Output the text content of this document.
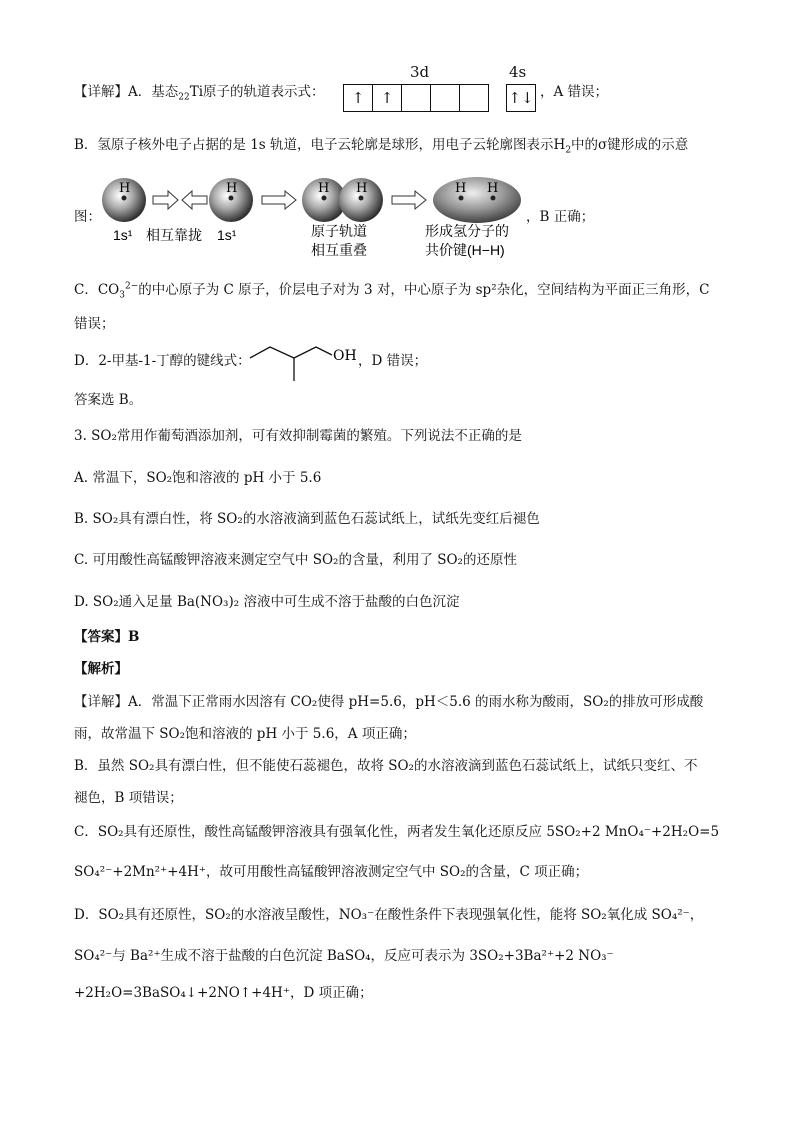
【详解】A．基态$_{22}$Ti原子的轨道表示式：
3d	4s
↑	↑				↑↓ ，A 错误；
B．氢原子核外电子占据的是 1s 轨道，电子云轮廓是球形，用电子云轮廓图表示$H_2$中的σ键形成的示意
H	H	H H	H H
1s¹ 相互靠拢 1s¹	原子轨道
相互重叠
形成氢分子的
共价键(H−H)
图：	，B 正确；
C．$CO_3^{2-}$的中心原子为 C 原子，价层电子对为 3 对，中心原子为 sp²杂化，空间结构为平面正三角形，C
错误；
D．2-甲基-1-丁醇的键线式：	OH ，D 错误；
答案选 B。
3. SO₂常用作葡萄酒添加剂，可有效抑制霉菌的繁殖。下列说法不正确的是
A. 常温下，SO₂饱和溶液的 pH 小于 5.6
B. SO₂具有漂白性，将 SO₂的水溶液滴到蓝色石蕊试纸上，试纸先变红后褪色
C. 可用酸性高锰酸钾溶液来测定空气中 SO₂的含量，利用了 SO₂的还原性
D. SO₂通入足量 Ba(NO₃)₂ 溶液中可生成不溶于盐酸的白色沉淀
【答案】B
【解析】
【详解】A．常温下正常雨水因溶有 CO₂使得 pH=5.6，pH＜5.6 的雨水称为酸雨，SO₂的排放可形成酸
雨，故常温下 SO₂饱和溶液的 pH 小于 5.6，A 项正确；
B．虽然 SO₂具有漂白性，但不能使石蕊褪色，故将 SO₂的水溶液滴到蓝色石蕊试纸上，试纸只变红、不
褪色，B 项错误；
C．SO₂具有还原性，酸性高锰酸钾溶液具有强氧化性，两者发生氧化还原反应 5SO₂+2 MnO₄⁻+2H₂O=5
SO₄²⁻+2Mn²⁺+4H⁺，故可用酸性高锰酸钾溶液测定空气中 SO₂的含量，C 项正确；
D．SO₂具有还原性，SO₂的水溶液呈酸性，NO₃⁻在酸性条件下表现强氧化性，能将 SO₂氧化成 SO₄²⁻，
SO₄²⁻与 Ba²⁺生成不溶于盐酸的白色沉淀 BaSO₄，反应可表示为 3SO₂+3Ba²⁺+2 NO₃⁻
+2H₂O=3BaSO₄↓+2NO↑+4H⁺，D 项正确；
